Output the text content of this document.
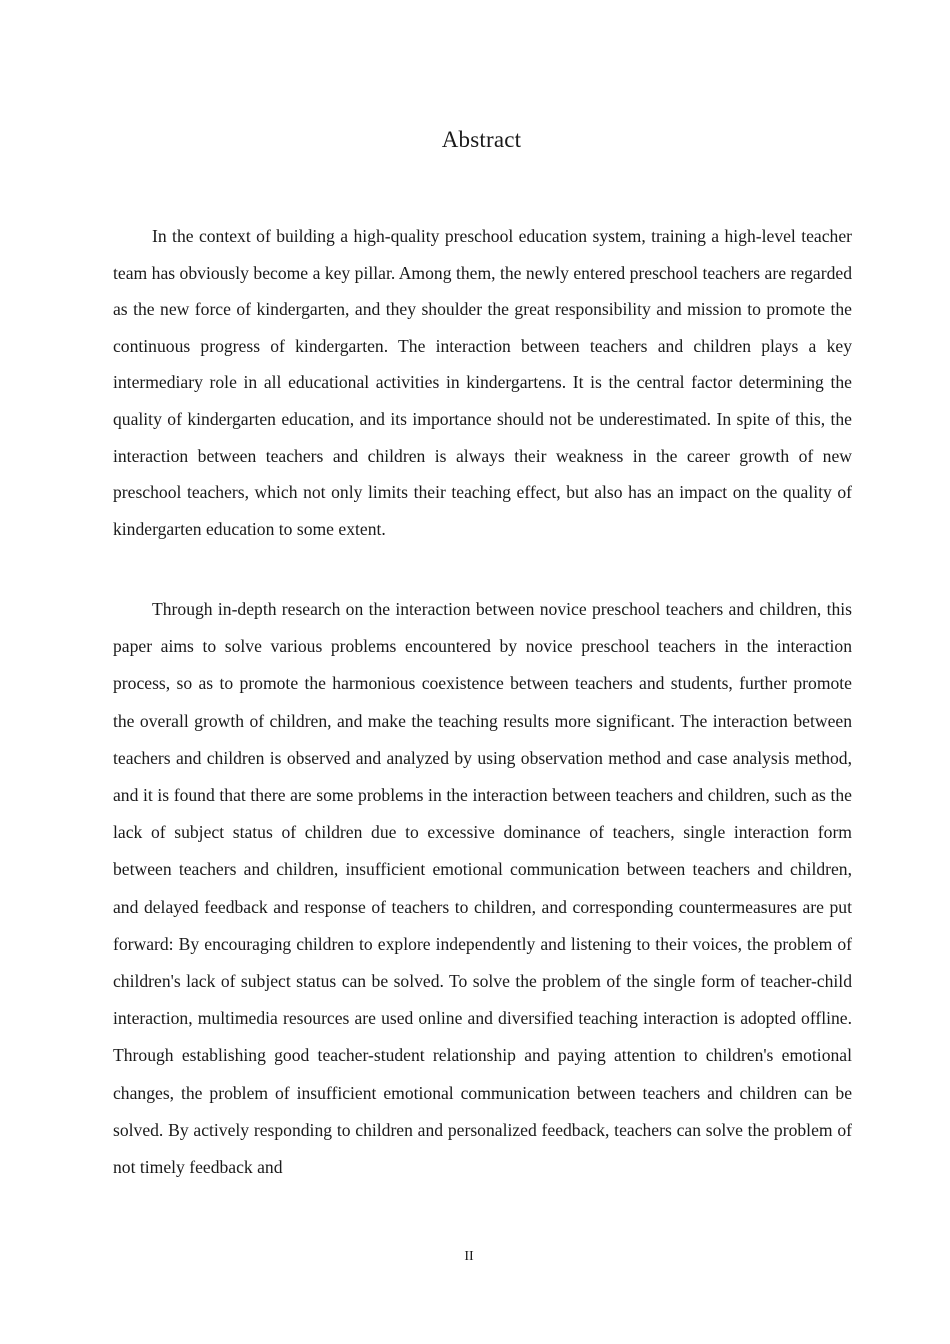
Abstract

In the context of building a high-quality preschool education system, training a high-level teacher team has obviously become a key pillar. Among them, the newly entered preschool teachers are regarded as the new force of kindergarten, and they shoulder the great responsibility and mission to promote the continuous progress of kindergarten. The interaction between teachers and children plays a key intermediary role in all educational activities in kindergartens. It is the central factor determining the quality of kindergarten education, and its importance should not be underestimated. In spite of this, the interaction between teachers and children is always their weakness in the career growth of new preschool teachers, which not only limits their teaching effect, but also has an impact on the quality of kindergarten education to some extent.

Through in-depth research on the interaction between novice preschool teachers and children, this paper aims to solve various problems encountered by novice preschool teachers in the interaction process, so as to promote the harmonious coexistence between teachers and students, further promote the overall growth of children, and make the teaching results more significant. The interaction between teachers and children is observed and analyzed by using observation method and case analysis method, and it is found that there are some problems in the interaction between teachers and children, such as the lack of subject status of children due to excessive dominance of teachers, single interaction form between teachers and children, insufficient emotional communication between teachers and children, and delayed feedback and response of teachers to children, and corresponding countermeasures are put forward: By encouraging children to explore independently and listening to their voices, the problem of children's lack of subject status can be solved. To solve the problem of the single form of teacher-child interaction, multimedia resources are used online and diversified teaching interaction is adopted offline. Through establishing good teacher-student relationship and paying attention to children's emotional changes, the problem of insufficient emotional communication between teachers and children can be solved. By actively responding to children and personalized feedback, teachers can solve the problem of not timely feedback and

II
